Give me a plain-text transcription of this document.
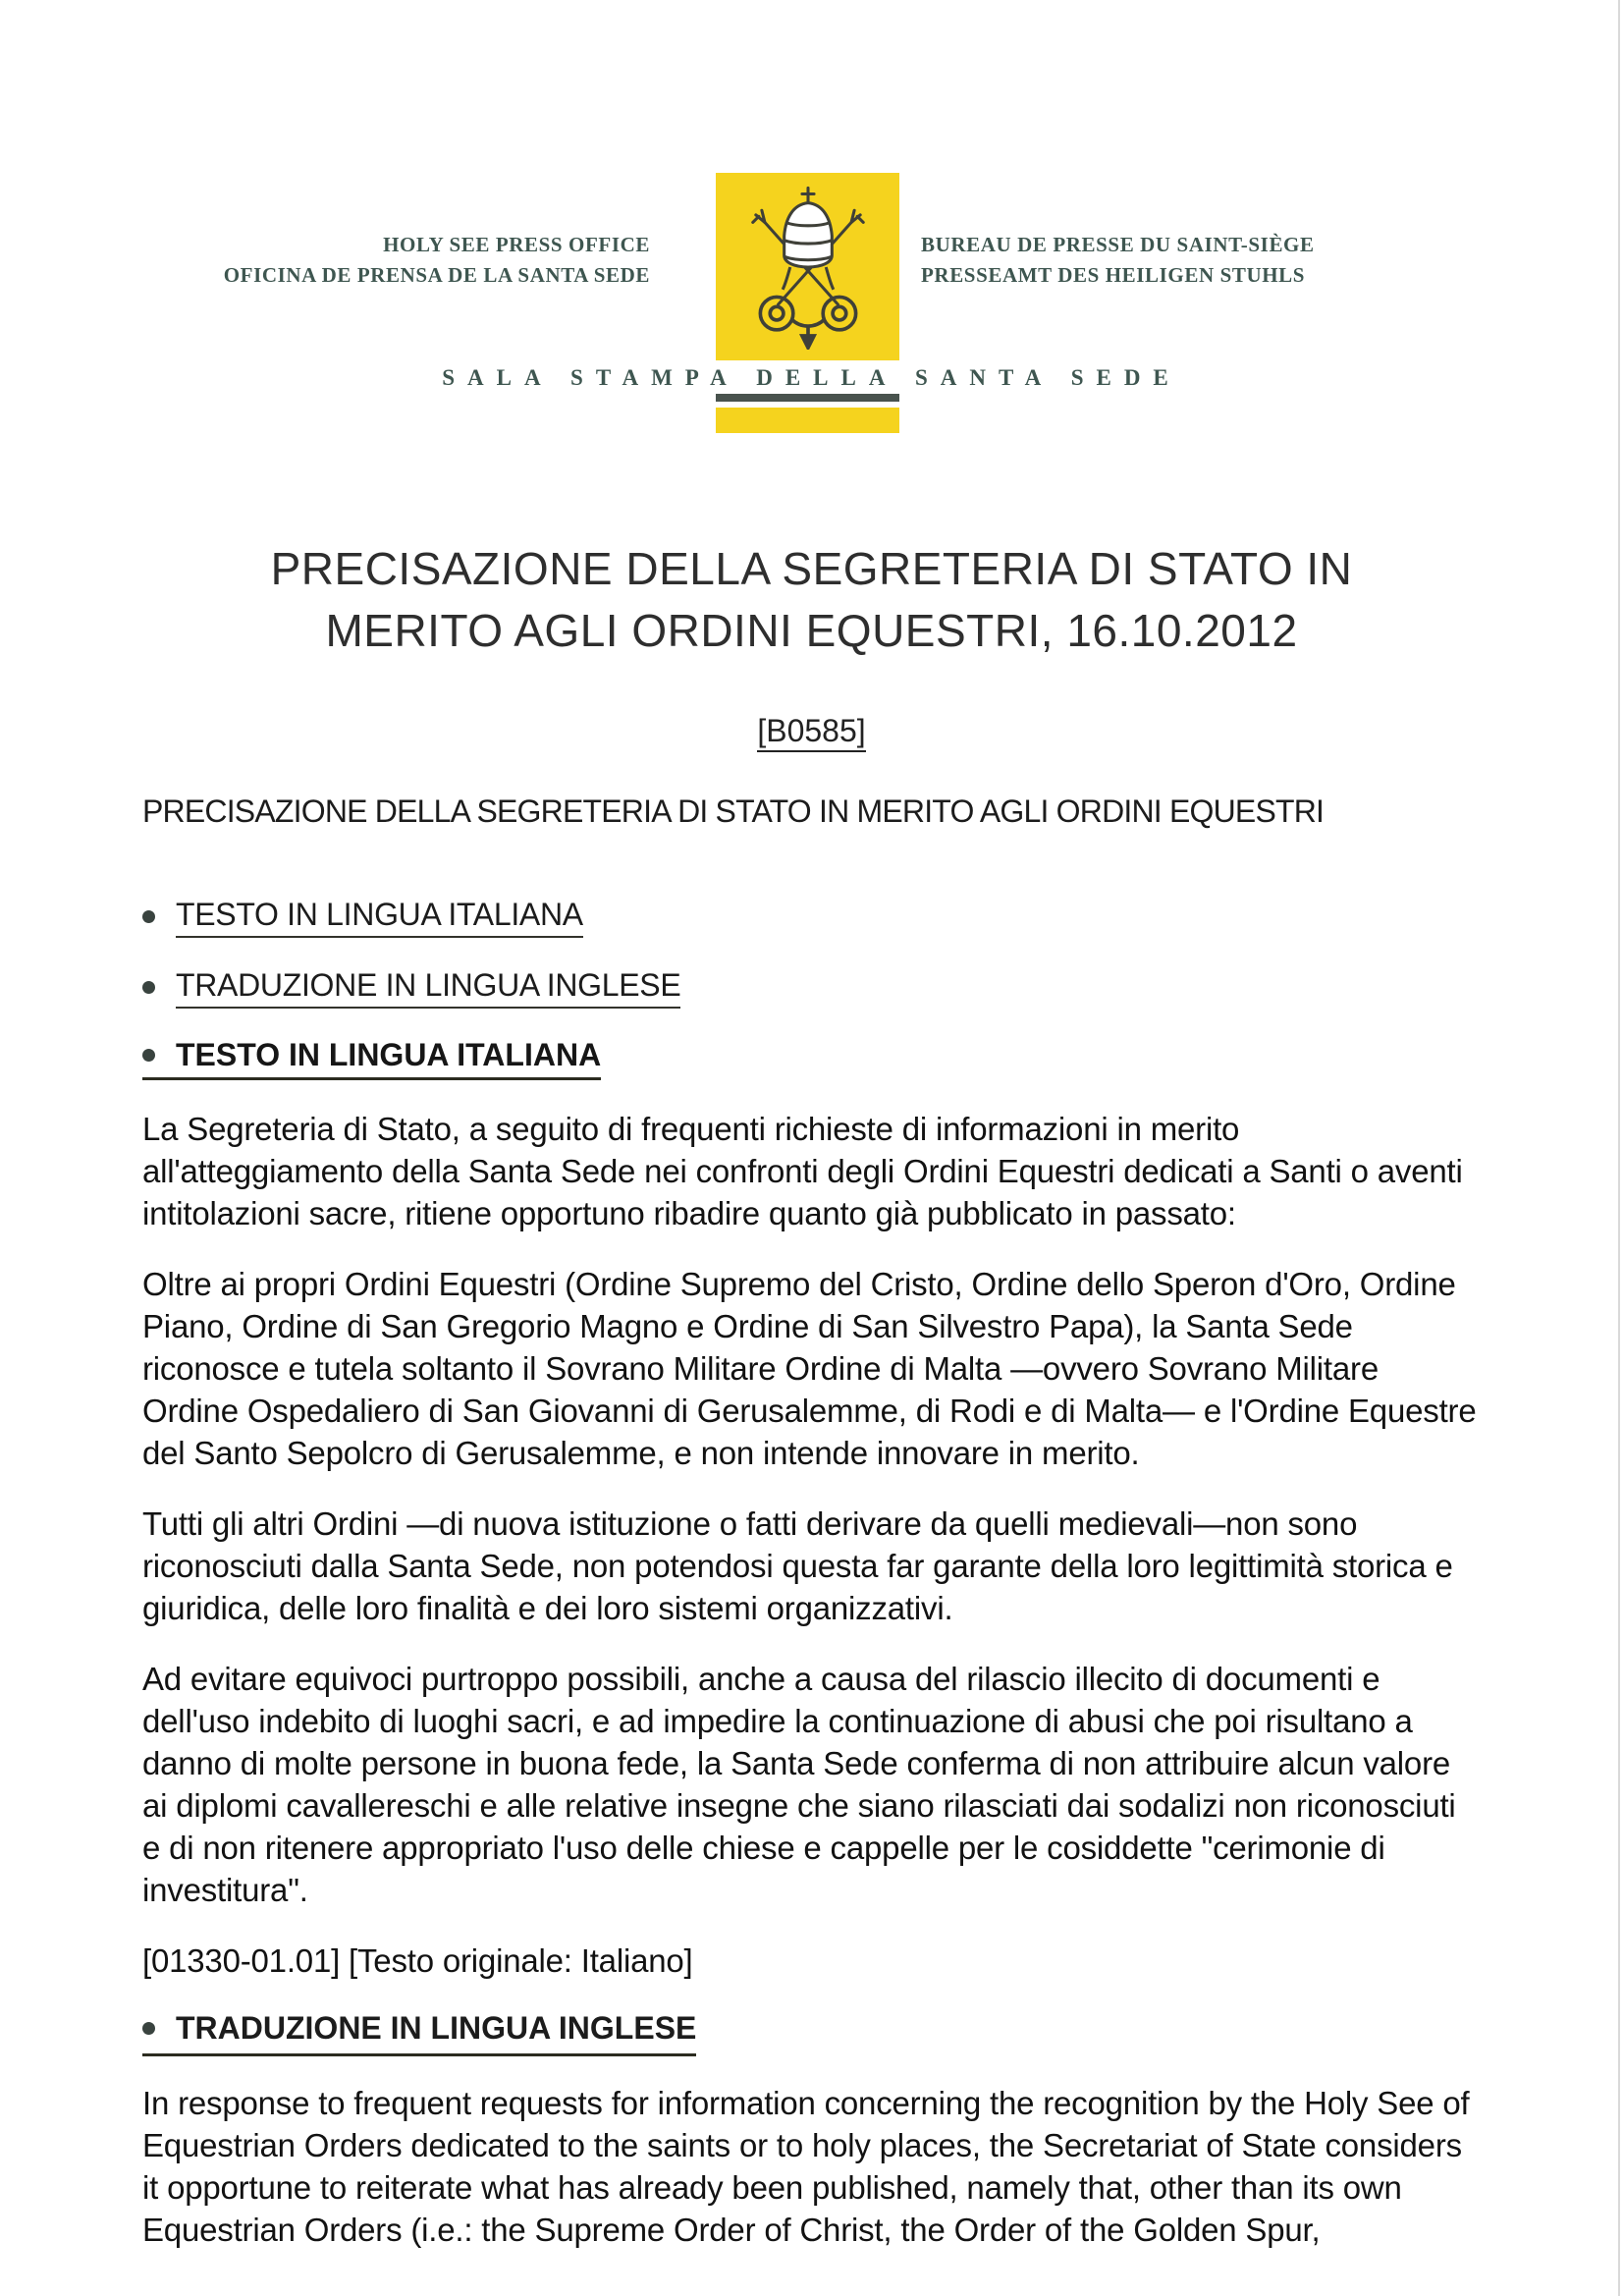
HOLY SEE PRESS OFFICE
OFICINA DE PRENSA DE LA SANTA SEDE
BUREAU DE PRESSE DU SAINT-SIÈGE
PRESSEAMT DES HEILIGEN STUHLS
SALA STAMPA DELLA SANTA SEDE
PRECISAZIONE DELLA SEGRETERIA DI STATO IN
MERITO AGLI ORDINI EQUESTRI, 16.10.2012
[B0585]
PRECISAZIONE DELLA SEGRETERIA DI STATO IN MERITO AGLI ORDINI EQUESTRI
TESTO IN LINGUA ITALIANA
TRADUZIONE IN LINGUA INGLESE
TESTO IN LINGUA ITALIANA

La Segreteria di Stato, a seguito di frequenti richieste di informazioni in merito all'atteggiamento della Santa Sede nei confronti degli Ordini Equestri dedicati a Santi o aventi intitolazioni sacre, ritiene opportuno ribadire quanto già pubblicato in passato:

Oltre ai propri Ordini Equestri (Ordine Supremo del Cristo, Ordine dello Speron d'Oro, Ordine Piano, Ordine di San Gregorio Magno e Ordine di San Silvestro Papa), la Santa Sede riconosce e tutela soltanto il Sovrano Militare Ordine di Malta —ovvero Sovrano Militare Ordine Ospedaliero di San Giovanni di Gerusalemme, di Rodi e di Malta— e l'Ordine Equestre del Santo Sepolcro di Gerusalemme, e non intende innovare in merito.

Tutti gli altri Ordini —di nuova istituzione o fatti derivare da quelli medievali—non sono riconosciuti dalla Santa Sede, non potendosi questa far garante della loro legittimità storica e giuridica, delle loro finalità e dei loro sistemi organizzativi.

Ad evitare equivoci purtroppo possibili, anche a causa del rilascio illecito di documenti e dell'uso indebito di luoghi sacri, e ad impedire la continuazione di abusi che poi risultano a danno di molte persone in buona fede, la Santa Sede conferma di non attribuire alcun valore ai diplomi cavallereschi e alle relative insegne che siano rilasciati dai sodalizi non riconosciuti e di non ritenere appropriato l'uso delle chiese e cappelle per le cosiddette "cerimonie di investitura".

[01330-01.01] [Testo originale: Italiano]

TRADUZIONE IN LINGUA INGLESE

In response to frequent requests for information concerning the recognition by the Holy See of Equestrian Orders dedicated to the saints or to holy places, the Secretariat of State considers it opportune to reiterate what has already been published, namely that, other than its own Equestrian Orders (i.e.: the Supreme Order of Christ, the Order of the Golden Spur,
